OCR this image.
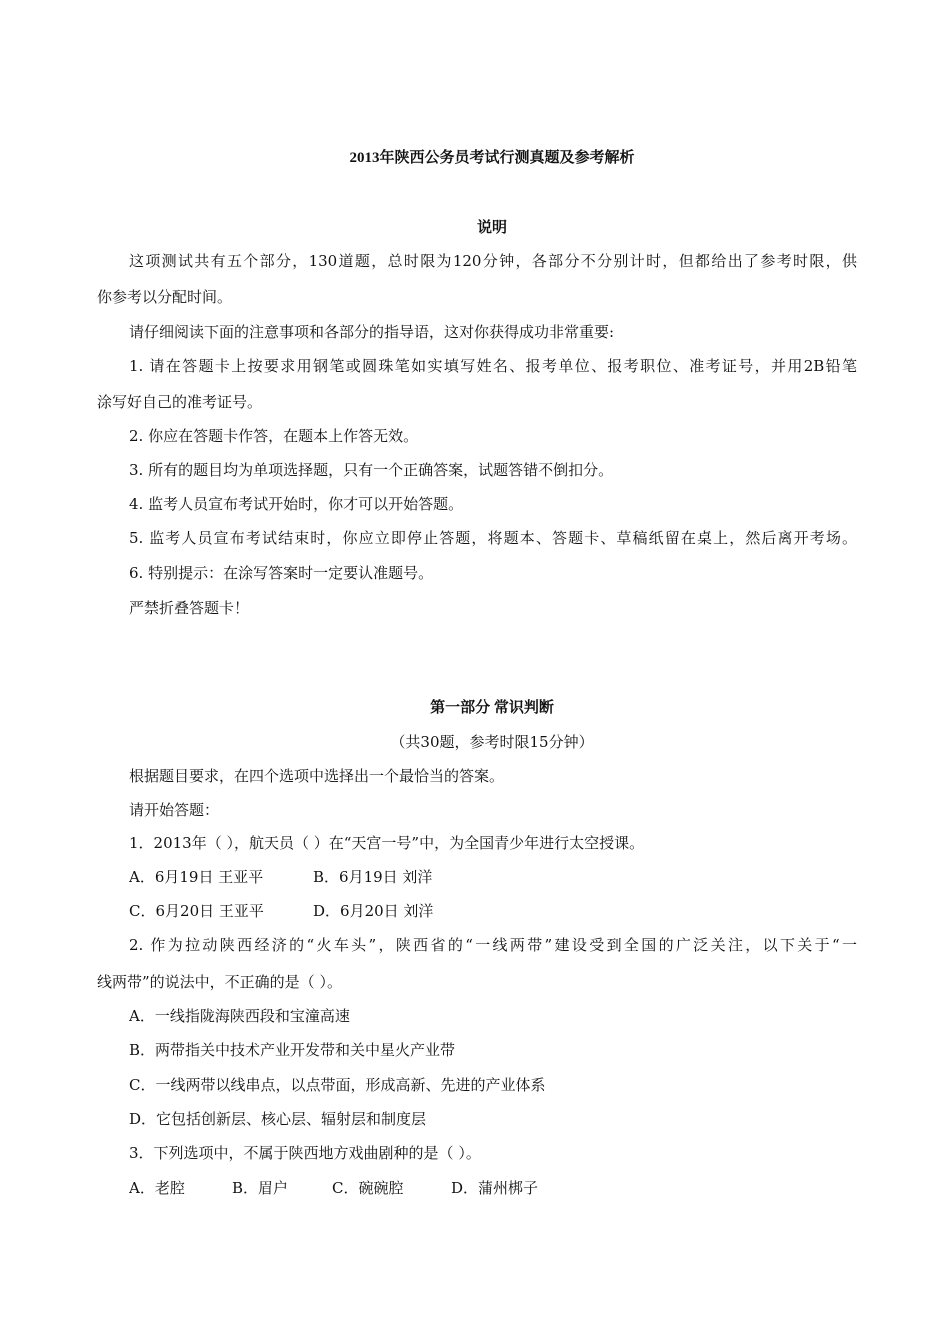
2013年陕西公务员考试行测真题及参考解析
说明
这项测试共有五个部分，130道题，总时限为120分钟，各部分不分别计时，但都给出了参考时限，供
你参考以分配时间。
请仔细阅读下面的注意事项和各部分的指导语，这对你获得成功非常重要:
1. 请在答题卡上按要求用钢笔或圆珠笔如实填写姓名、报考单位、报考职位、准考证号，并用2B铅笔
涂写好自己的准考证号。
2. 你应在答题卡作答，在题本上作答无效。
3. 所有的题目均为单项选择题，只有一个正确答案，试题答错不倒扣分。
4. 监考人员宣布考试开始时，你才可以开始答题。
5. 监考人员宣布考试结束时，你应立即停止答题，将题本、答题卡、草稿纸留在桌上，然后离开考场。
6. 特别提示：在涂写答案时一定要认准题号。
严禁折叠答题卡！
第一部分 常识判断
（共30题，参考时限15分钟）
根据题目要求，在四个选项中选择出一个最恰当的答案。
请开始答题：
1．2013年（ ），航天员（ ）在“天宫一号”中，为全国青少年进行太空授课。
A．6月19日 王亚平	B．6月19日 刘洋
C．6月20日 王亚平	D．6月20日 刘洋
2. 作为拉动陕西经济的“火车头”，陕西省的“一线两带”建设受到全国的广泛关注，以下关于“一
线两带”的说法中，不正确的是（ ）。
A．一线指陇海陕西段和宝潼高速
B．两带指关中技术产业开发带和关中星火产业带
C．一线两带以线串点，以点带面，形成高新、先进的产业体系
D．它包括创新层、核心层、辐射层和制度层
3．下列选项中，不属于陕西地方戏曲剧种的是（ ）。
A．老腔	B．眉户	C．碗碗腔	D．蒲州梆子
